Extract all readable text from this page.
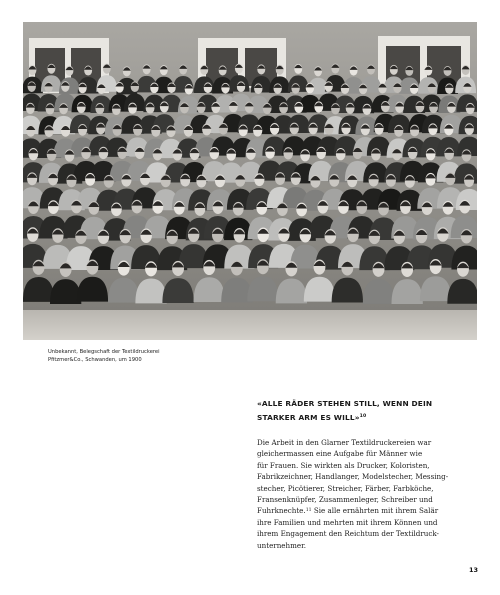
Unbekannt, Belegschaft der Textildruckerei
Pfitzmer&Co., Schwanden, um 1900
«ALLE RÄDER STEHEN STILL, WENN DEIN
STARKER ARM ES WILL»$^{10}$
Die Arbeit in den Glarner Textildruckereien war
gleichermassen eine Aufgabe für Männer wie
für Frauen. Sie wirkten als Drucker, Koloristen,
Fabrikzeichner, Handlanger, Modelstecher, Messing-
stecher, Picötierer, Streicher, Färber, Farbköche,
Fransenknüpfer, Zusammenleger, Schreiber und
Fuhrknechte.$^{11}$ Sie alle ernährten mit ihrem Salär
ihre Familien und mehrten mit ihrem Können und
ihrem Engagement den Reichtum der Textildruck-
unternehmer.
13
